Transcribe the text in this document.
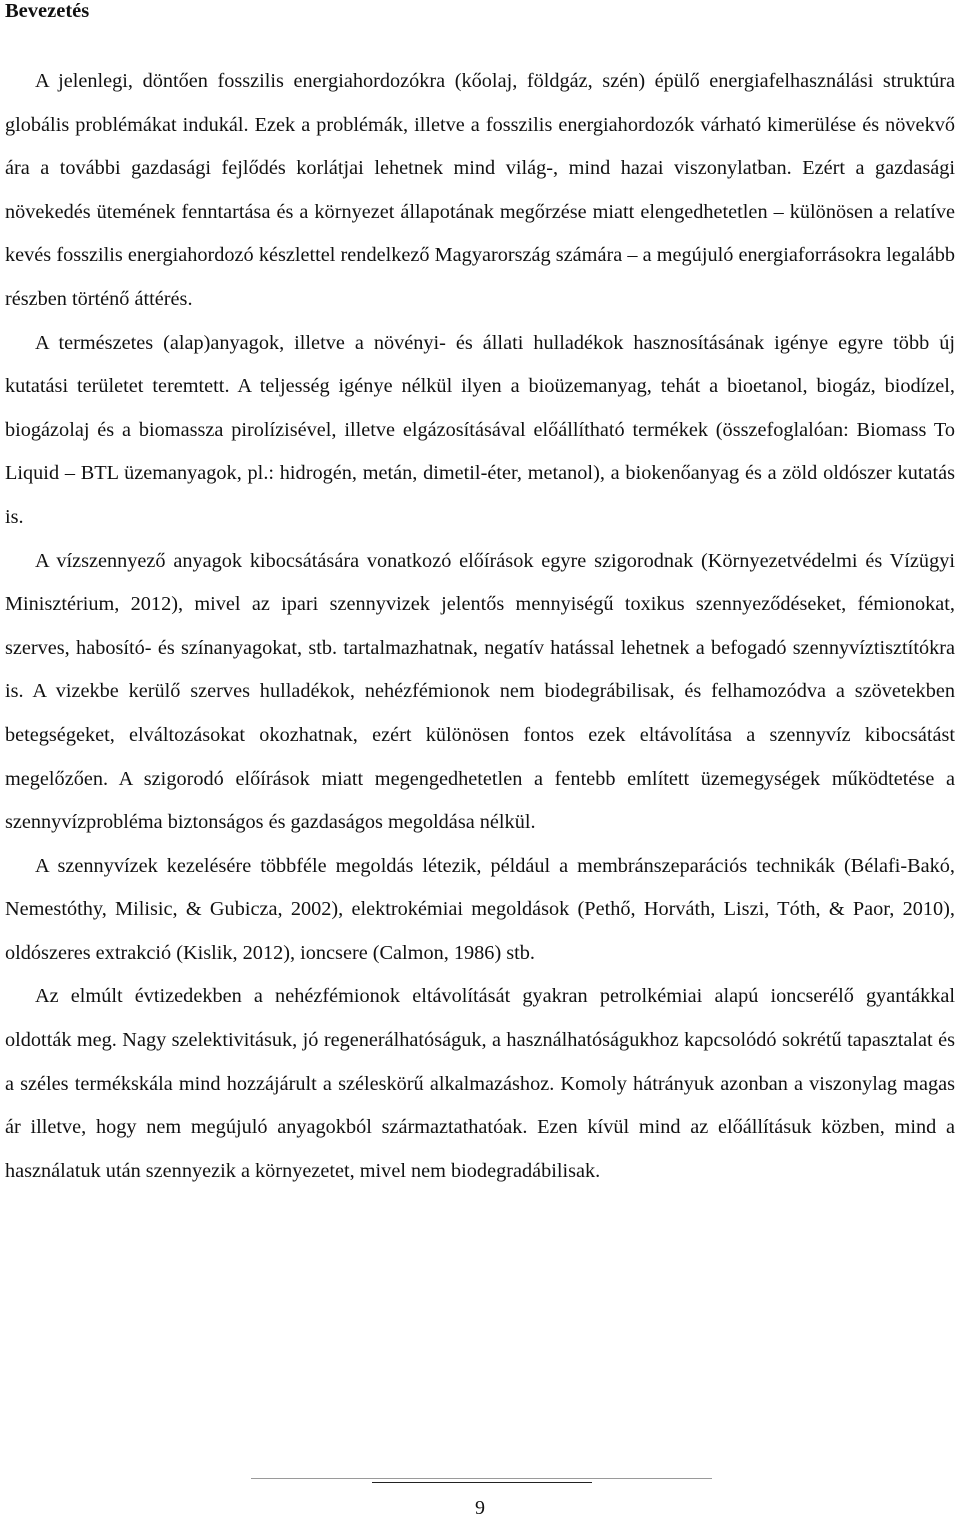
Bevezetés

A jelenlegi, döntően fosszilis energiahordozókra (kőolaj, földgáz, szén) épülő energiafelhasználási struktúra globális problémákat indukál. Ezek a problémák, illetve a fosszilis energiahordozók várható kimerülése és növekvő ára a további gazdasági fejlődés korlátjai lehetnek mind világ-, mind hazai viszonylatban. Ezért a gazdasági növekedés ütemének fenntartása és a környezet állapotának megőrzése miatt elengedhetetlen – különösen a relatíve kevés fosszilis energiahordozó készlettel rendelkező Magyarország számára – a megújuló energiaforrásokra legalább részben történő áttérés.

A természetes (alap)anyagok, illetve a növényi- és állati hulladékok hasznosításának igénye egyre több új kutatási területet teremtett. A teljesség igénye nélkül ilyen a bioüzemanyag, tehát a bioetanol, biogáz, biodízel, biogázolaj és a biomassza pirolízisével, illetve elgázosításával előállítható termékek (összefoglalóan: Biomass To Liquid – BTL üzemanyagok, pl.: hidrogén, metán, dimetil-éter, metanol), a biokenőanyag és a zöld oldószer kutatás is.

A vízszennyező anyagok kibocsátására vonatkozó előírások egyre szigorodnak (Környezetvédelmi és Vízügyi Minisztérium, 2012), mivel az ipari szennyvizek jelentős mennyiségű toxikus szennyeződéseket, fémionokat, szerves, habosító- és színanyagokat, stb. tartalmazhatnak, negatív hatással lehetnek a befogadó szennyvíztisztítókra is. A vizekbe kerülő szerves hulladékok, nehézfémionok nem biodegrábilisak, és felhamozódva a szövetekben betegségeket, elváltozásokat okozhatnak, ezért különösen fontos ezek eltávolítása a szennyvíz kibocsátást megelőzően. A szigorodó előírások miatt megengedhetetlen a fentebb említett üzemegységek működtetése a szennyvízprobléma biztonságos és gazdaságos megoldása nélkül.

A szennyvízek kezelésére többféle megoldás létezik, például a membránszeparációs technikák (Bélafi-Bakó, Nemestóthy, Milisic, & Gubicza, 2002), elektrokémiai megoldások (Pethő, Horváth, Liszi, Tóth, & Paor, 2010), oldószeres extrakció (Kislik, 2012), ioncsere (Calmon, 1986) stb.

Az elmúlt évtizedekben a nehézfémionok eltávolítását gyakran petrolkémiai alapú ioncserélő gyantákkal oldották meg. Nagy szelektivitásuk, jó regenerálhatóságuk, a használhatóságukhoz kapcsolódó sokrétű tapasztalat és a széles termékskála mind hozzájárult a széleskörű alkalmazáshoz. Komoly hátrányuk azonban a viszonylag magas ár illetve, hogy nem megújuló anyagokból származtathatóak. Ezen kívül mind az előállításuk közben, mind a használatuk után szennyezik a környezetet, mivel nem biodegradábilisak.

9
